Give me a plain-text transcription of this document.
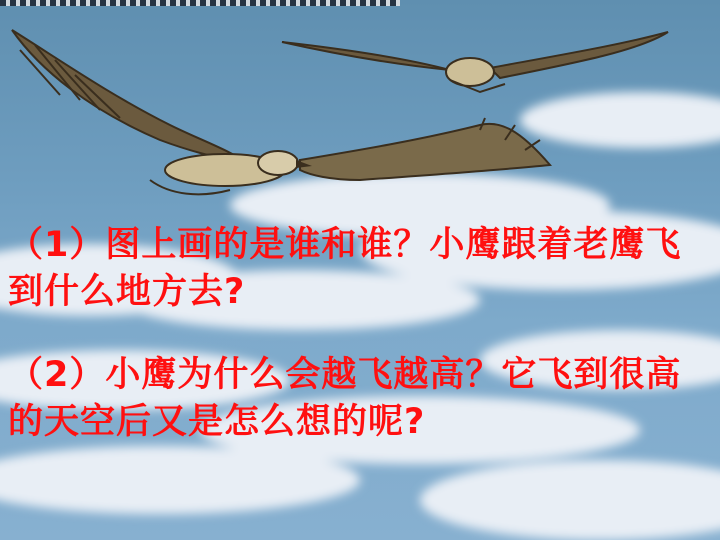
（1）图上画的是谁和谁？小鹰跟着老鹰飞到什么地方去?

（2）小鹰为什么会越飞越高？它飞到很高的天空后又是怎么想的呢?
